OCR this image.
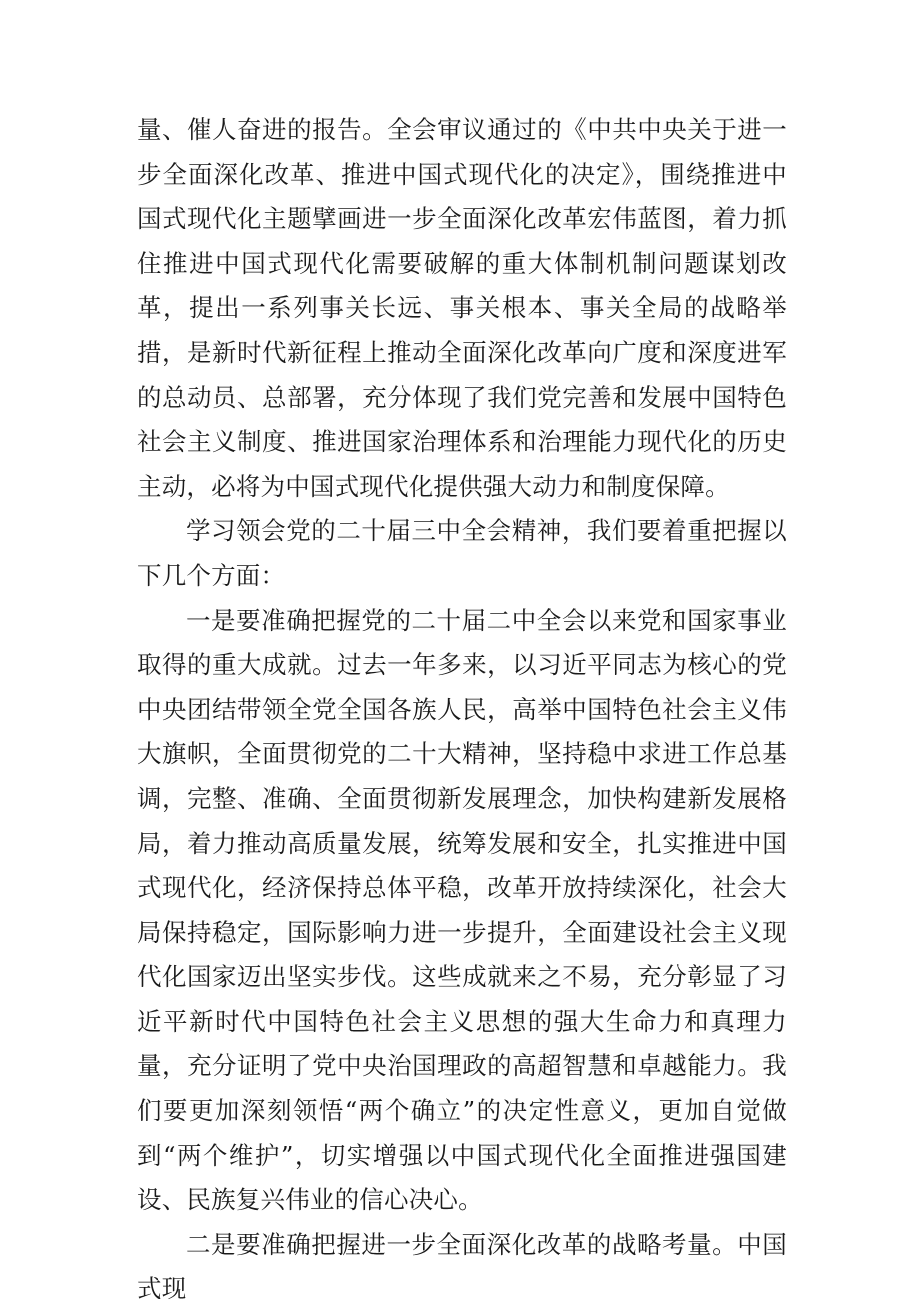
量、催人奋进的报告。全会审议通过的《中共中央关于进一步全面深化改革、推进中国式现代化的决定》，围绕推进中国式现代化主题擘画进一步全面深化改革宏伟蓝图，着力抓住推进中国式现代化需要破解的重大体制机制问题谋划改革，提出一系列事关长远、事关根本、事关全局的战略举措，是新时代新征程上推动全面深化改革向广度和深度进军的总动员、总部署，充分体现了我们党完善和发展中国特色社会主义制度、推进国家治理体系和治理能力现代化的历史主动，必将为中国式现代化提供强大动力和制度保障。

学习领会党的二十届三中全会精神，我们要着重把握以下几个方面：

一是要准确把握党的二十届二中全会以来党和国家事业取得的重大成就。过去一年多来，以习近平同志为核心的党中央团结带领全党全国各族人民，高举中国特色社会主义伟大旗帜，全面贯彻党的二十大精神，坚持稳中求进工作总基调，完整、准确、全面贯彻新发展理念，加快构建新发展格局，着力推动高质量发展，统筹发展和安全，扎实推进中国式现代化，经济保持总体平稳，改革开放持续深化，社会大局保持稳定，国际影响力进一步提升，全面建设社会主义现代化国家迈出坚实步伐。这些成就来之不易，充分彰显了习近平新时代中国特色社会主义思想的强大生命力和真理力量，充分证明了党中央治国理政的高超智慧和卓越能力。我们要更加深刻领悟“两个确立”的决定性意义，更加自觉做到“两个维护”，切实增强以中国式现代化全面推进强国建设、民族复兴伟业的信心决心。

二是要准确把握进一步全面深化改革的战略考量。中国式现
